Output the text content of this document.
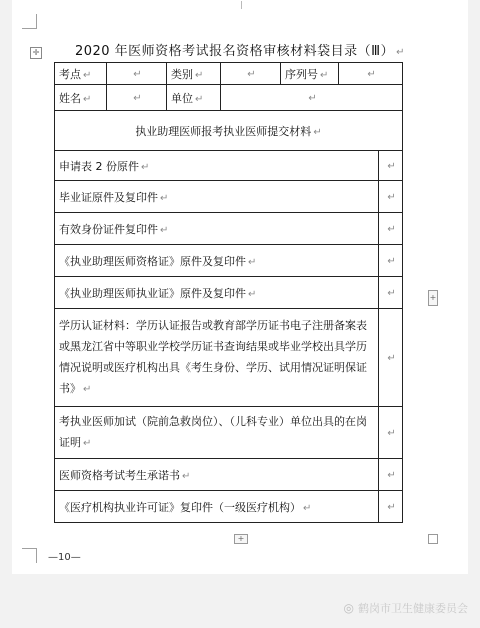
|
✛	2020 年医师资格考试报名资格审核材料袋目录（Ⅲ） ↵
考点 ↵	↵	类别 ↵	↵	序列号 ↵	↵	
姓名 ↵	↵	单位 ↵	↵			
执业助理医师报考执业医师提交材料 ↵						
申请表 2 份原件 ↵						↵
毕业证原件及复印件 ↵						↵
有效身份证件复印件 ↵						↵
《执业助理医师资格证》原件及复印件 ↵						↵
《执业助理医师执业证》原件及复印件 ↵						↵
学历认证材料：学历认证报告或教育部学历证书电子注册备案表或黑龙江省中等职业学校学历证书查询结果或毕业学校出具学历情况说明或医疗机构出具《考生身份、学历、试用情况证明保证书》 ↵						↵
考执业医师加试（院前急救岗位）、（儿科专业）单位出具的在岗证明 ↵						↵
医师资格考试考生承诺书 ↵						↵
《医疗机构执业许可证》复印件（一级医疗机构） ↵						↵
+
+
—10—
◎ 鹤岗市卫生健康委员会
